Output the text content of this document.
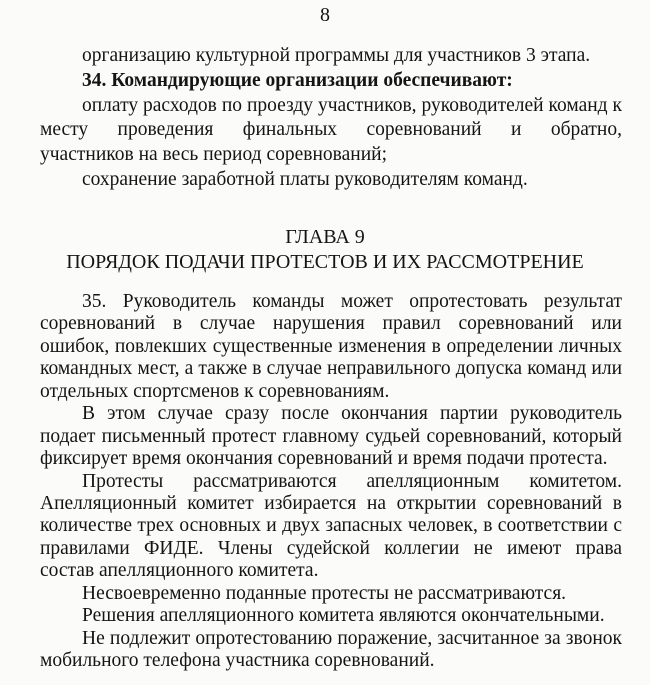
8
организацию культурной программы для участников 3 этапа.
34. Командирующие организации обеспечивают:
оплату расходов по проезду участников, руководителей команд к
месту проведения финальных соревнований и обратно,
участников на весь период соревнований;
сохранение заработной платы руководителям команд.
ГЛАВА 9
ПОРЯДОК ПОДАЧИ ПРОТЕСТОВ И ИХ РАССМОТРЕНИЕ
35. Руководитель команды может опротестовать результат
соревнований в случае нарушения правил соревнований или
ошибок, повлекших существенные изменения в определении личных
командных мест, а также в случае неправильного допуска команд или
отдельных спортсменов к соревнованиям.
В этом случае сразу после окончания партии руководитель
подает письменный протест главному судьей соревнований, который
фиксирует время окончания соревнований и время подачи протеста.
Протесты рассматриваются апелляционным комитетом.
Апелляционный комитет избирается на открытии соревнований в
количестве трех основных и двух запасных человек, в соответствии с
правилами ФИДЕ. Члены судейской коллегии не имеют права
состав апелляционного комитета.
Несвоевременно поданные протесты не рассматриваются.
Решения апелляционного комитета являются окончательными.
Не подлежит опротестованию поражение, засчитанное за звонок
мобильного телефона участника соревнований.
